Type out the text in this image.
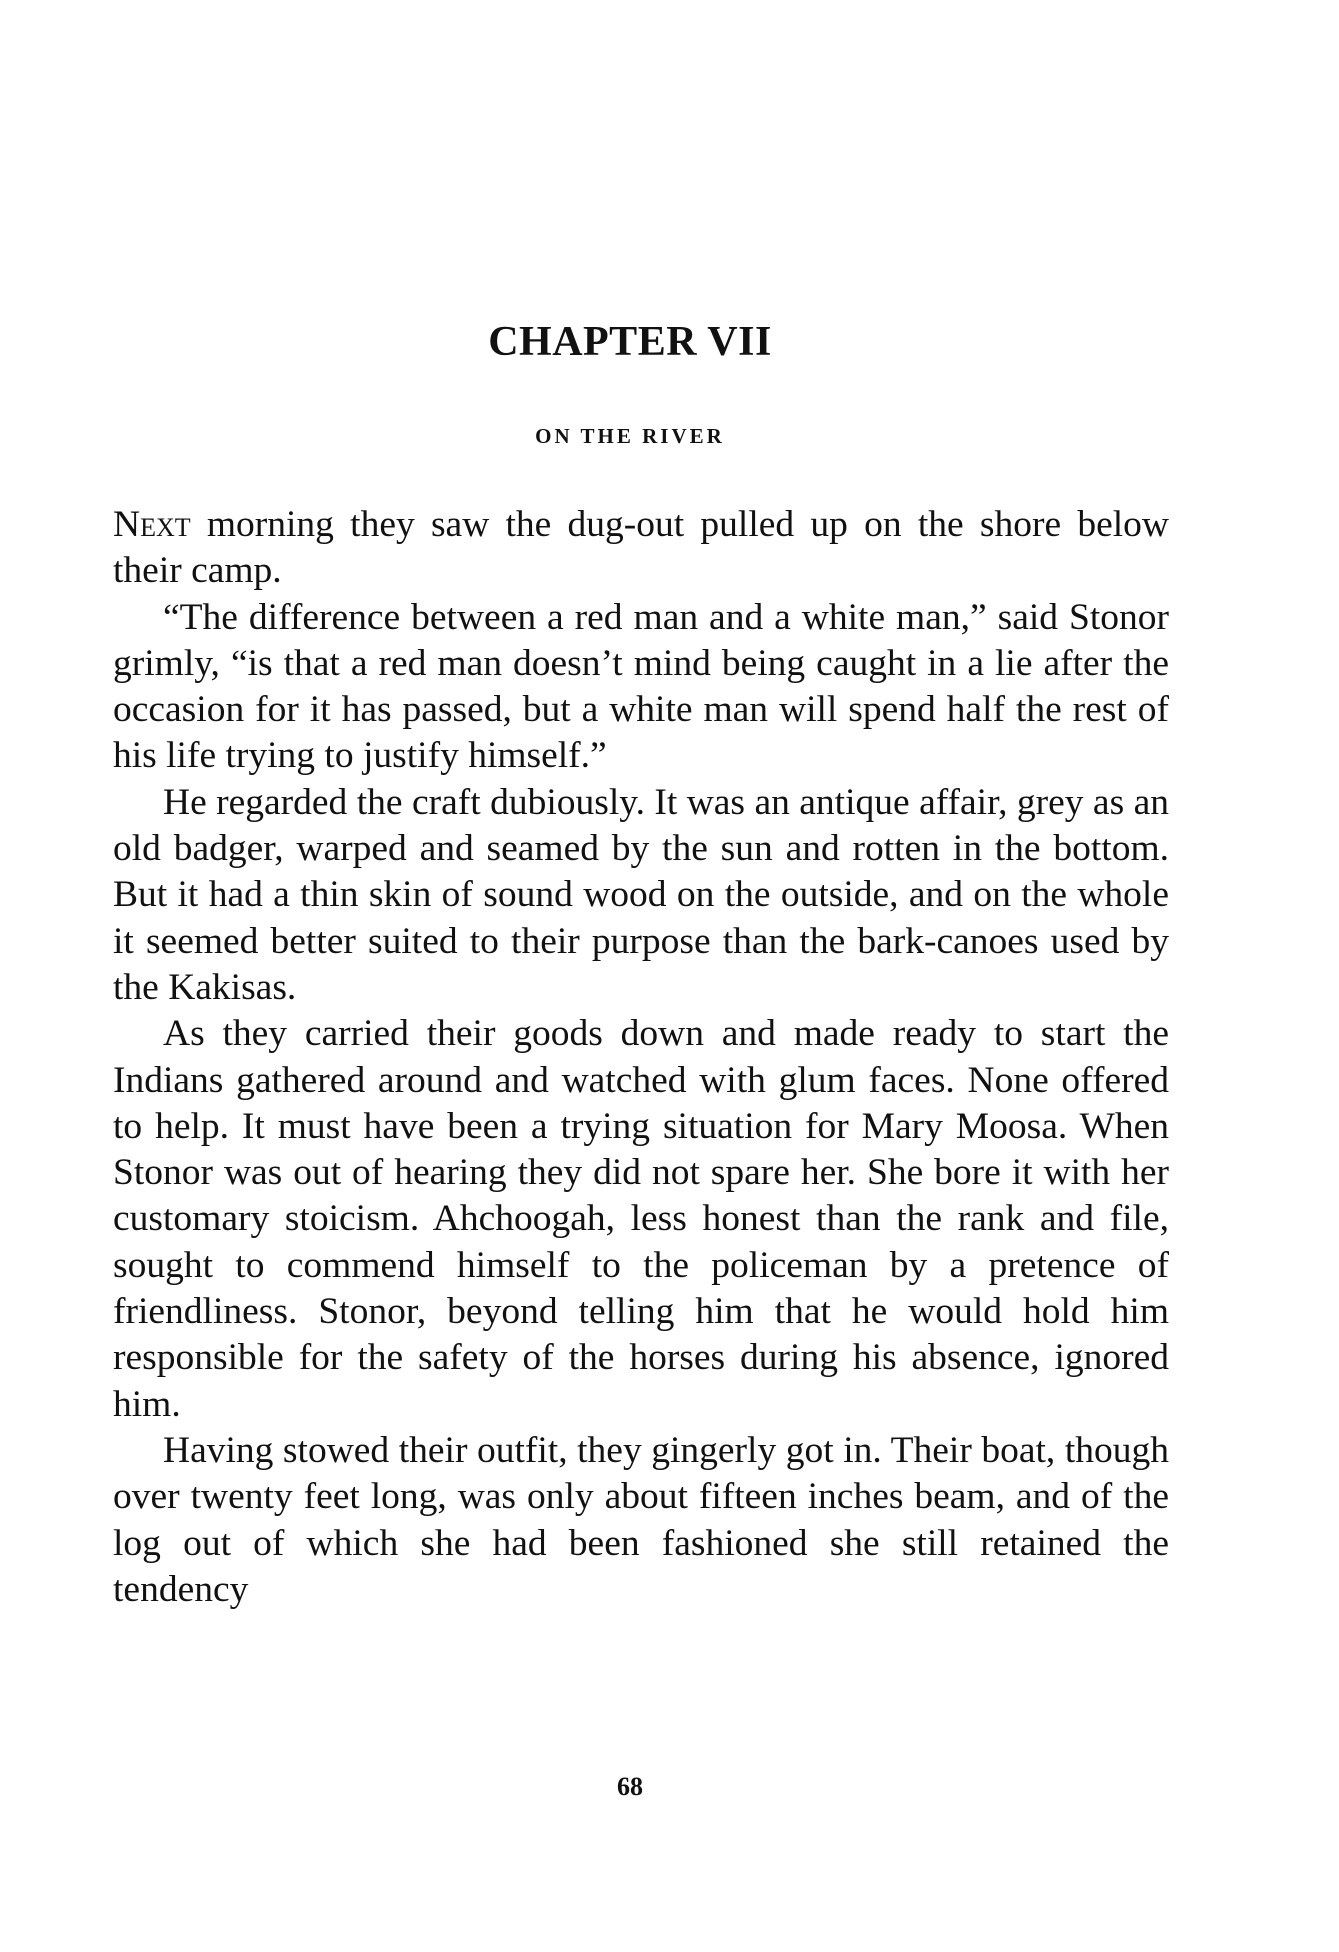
CHAPTER VII
ON THE RIVER

Next morning they saw the dug-out pulled up on the shore below their camp.

“The difference between a red man and a white man,” said Stonor grimly, “is that a red man doesn’t mind being caught in a lie after the occasion for it has passed, but a white man will spend half the rest of his life trying to justify himself.”

He regarded the craft dubiously. It was an antique affair, grey as an old badger, warped and seamed by the sun and rotten in the bottom. But it had a thin skin of sound wood on the outside, and on the whole it seemed better suited to their purpose than the bark-canoes used by the Kakisas.

As they carried their goods down and made ready to start the Indians gathered around and watched with glum faces. None offered to help. It must have been a trying situation for Mary Moosa. When Stonor was out of hearing they did not spare her. She bore it with her customary stoicism. Ahchoogah, less honest than the rank and file, sought to commend himself to the policeman by a pretence of friendliness. Stonor, beyond telling him that he would hold him responsible for the safety of the horses during his absence, ignored him.

Having stowed their outfit, they gingerly got in. Their boat, though over twenty feet long, was only about fifteen inches beam, and of the log out of which she had been fashioned she still retained the tendency

68
